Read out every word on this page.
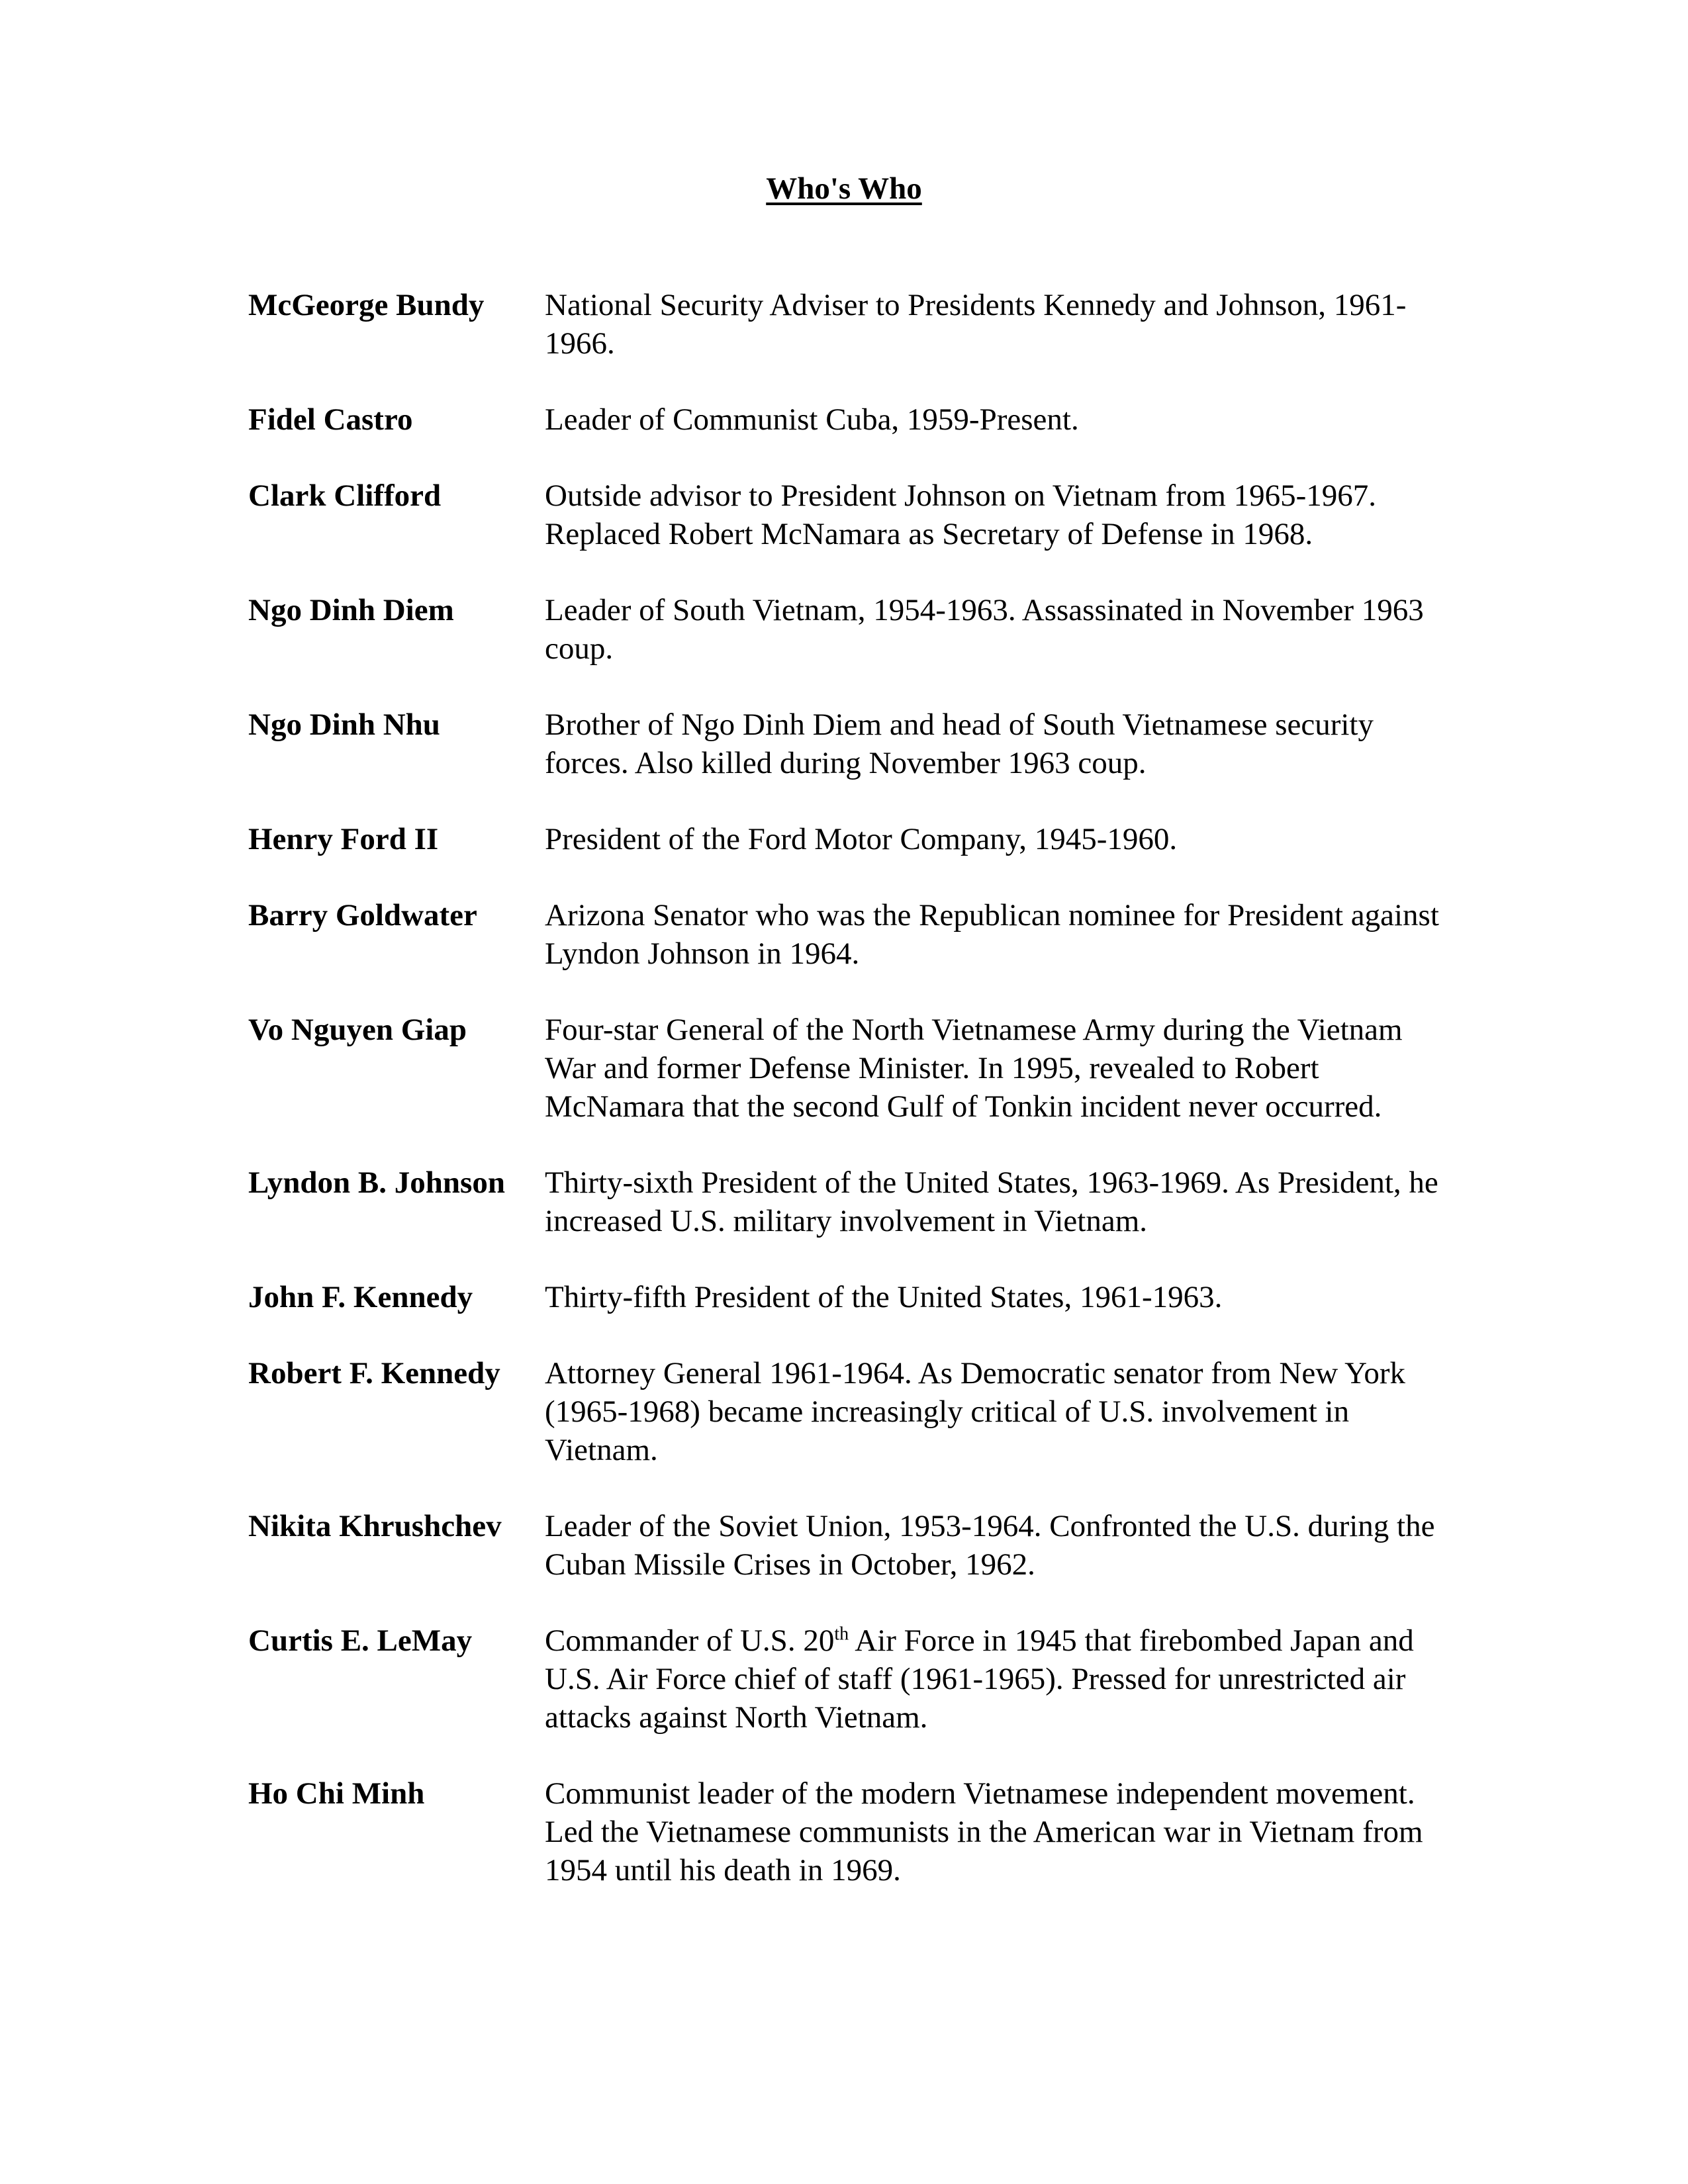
Who's Who
McGeorge Bundy	National Security Adviser to Presidents Kennedy and Johnson, 1961-1966.
Fidel Castro	Leader of Communist Cuba, 1959-Present.
Clark Clifford	Outside advisor to President Johnson on Vietnam from 1965-1967. Replaced Robert McNamara as Secretary of Defense in 1968.
Ngo Dinh Diem	Leader of South Vietnam, 1954-1963. Assassinated in November 1963 coup.
Ngo Dinh Nhu	Brother of Ngo Dinh Diem and head of South Vietnamese security forces. Also killed during November 1963 coup.
Henry Ford II	President of the Ford Motor Company, 1945-1960.
Barry Goldwater	Arizona Senator who was the Republican nominee for President against Lyndon Johnson in 1964.
Vo Nguyen Giap	Four-star General of the North Vietnamese Army during the Vietnam War and former Defense Minister. In 1995, revealed to Robert McNamara that the second Gulf of Tonkin incident never occurred.
Lyndon B. Johnson	Thirty-sixth President of the United States, 1963-1969. As President, he increased U.S. military involvement in Vietnam.
John F. Kennedy	Thirty-fifth President of the United States, 1961-1963.
Robert F. Kennedy	Attorney General 1961-1964. As Democratic senator from New York (1965-1968) became increasingly critical of U.S. involvement in Vietnam.
Nikita Khrushchev	Leader of the Soviet Union, 1953-1964. Confronted the U.S. during the Cuban Missile Crises in October, 1962.
Curtis E. LeMay	Commander of U.S. 20th Air Force in 1945 that firebombed Japan and U.S. Air Force chief of staff (1961-1965). Pressed for unrestricted air attacks against North Vietnam.
Ho Chi Minh	Communist leader of the modern Vietnamese independent movement. Led the Vietnamese communists in the American war in Vietnam from 1954 until his death in 1969.
